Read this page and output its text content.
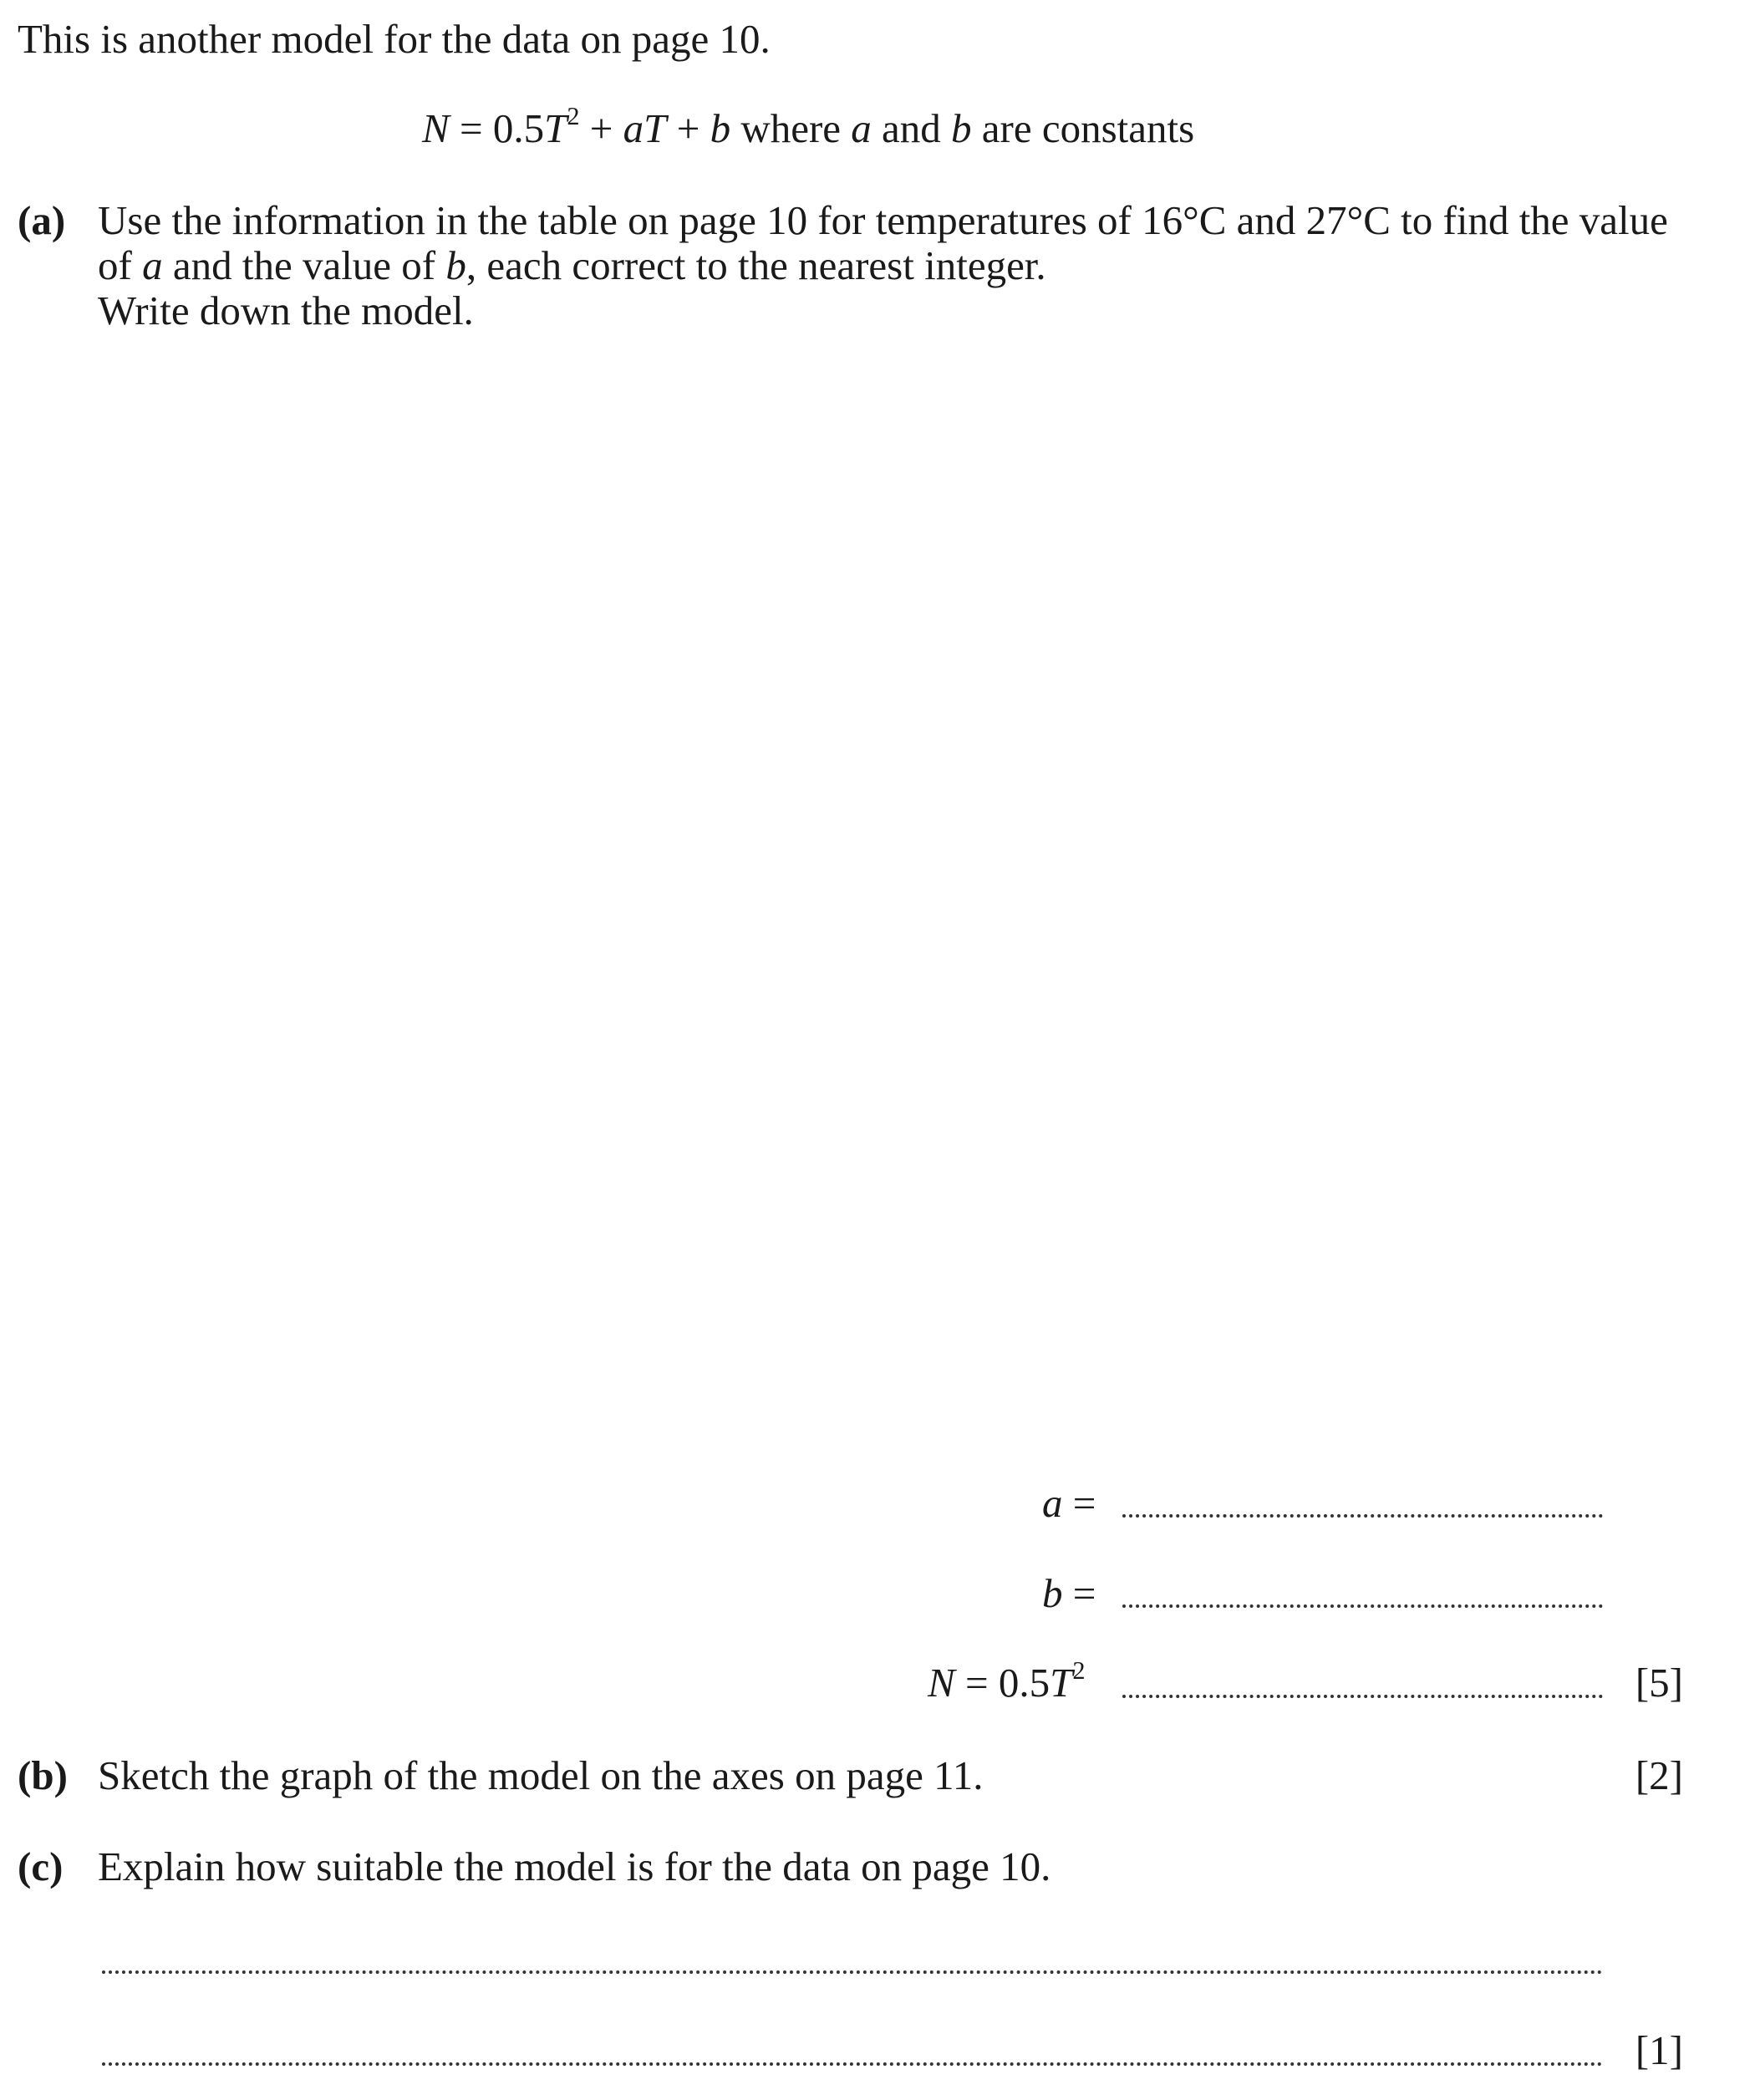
This is another model for the data on page 10.
$N = 0.5T^2$ + aT + b where a and b are constants
(a) Use the information in the table on page 10 for temperatures of 16°C and 27°C to find the value
of a and the value of b, each correct to the nearest integer.
Write down the model.
a =
b =
$N = 0.5T^2$	[5]
(b) Sketch the graph of the model on the axes on page 11.	[2]
(c) Explain how suitable the model is for the data on page 10.
[1]
